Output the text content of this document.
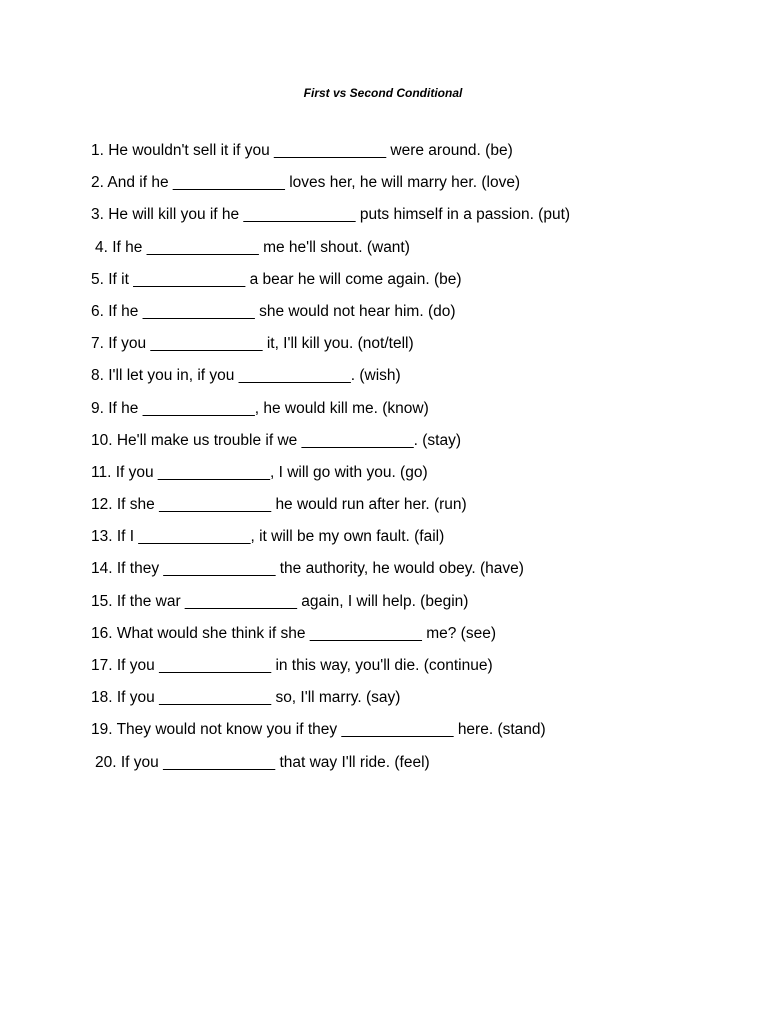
First vs Second Conditional
1. He wouldn't sell it if you _____________ were around. (be)
2. And if he _____________ loves her, he will marry her. (love)
3. He will kill you if he _____________ puts himself in a passion. (put)
4. If he _____________ me he'll shout. (want)
5. If it _____________ a bear he will come again. (be)
6. If he _____________ she would not hear him. (do)
7. If you _____________ it, I'll kill you. (not/tell)
8. I'll let you in, if you _____________. (wish)
9. If he _____________, he would kill me. (know)
10. He'll make us trouble if we _____________. (stay)
11. If you _____________, I will go with you. (go)
12. If she _____________ he would run after her. (run)
13. If I _____________, it will be my own fault. (fail)
14. If they _____________ the authority, he would obey. (have)
15. If the war _____________ again, I will help. (begin)
16. What would she think if she _____________ me? (see)
17. If you _____________ in this way, you'll die. (continue)
18. If you _____________ so, I'll marry. (say)
19. They would not know you if they _____________ here. (stand)
20. If you _____________ that way I'll ride. (feel)
